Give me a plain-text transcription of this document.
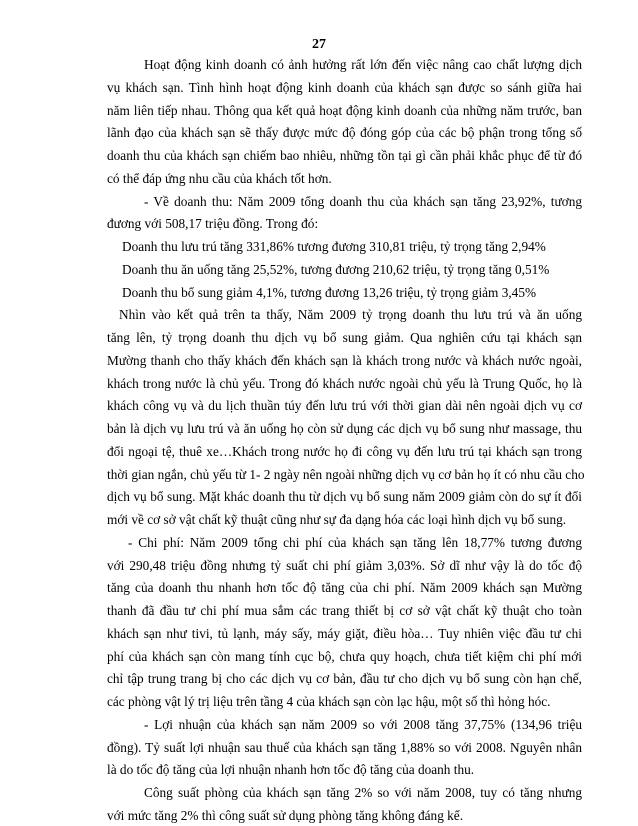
27
Hoạt động kinh doanh có ảnh hưởng rất lớn đến việc nâng cao chất lượng dịch
vụ khách sạn. Tình hình hoạt động kinh doanh của khách sạn được so sánh giữa hai
năm liên tiếp nhau. Thông qua kết quả hoạt động kinh doanh của những năm trước, ban
lãnh đạo của khách sạn sẽ thấy được mức độ đóng góp của các bộ phận trong tổng số
doanh thu của khách sạn chiếm bao nhiêu, những tồn tại gì cần phải khắc phục để từ đó
có thể đáp ứng nhu cầu của khách tốt hơn.
- Về doanh thu: Năm 2009 tổng doanh thu của khách sạn tăng 23,92%, tương
đương với 508,17 triệu đồng. Trong đó:
Doanh thu lưu trú tăng 331,86% tương đương 310,81 triệu, tỷ trọng tăng 2,94%
Doanh thu ăn uống tăng 25,52%, tương đương 210,62 triệu, tỷ trọng tăng 0,51%
Doanh thu bổ sung giảm 4,1%, tương đương 13,26 triệu, tỷ trọng giảm 3,45%
Nhìn vào kết quả trên ta thấy, Năm 2009 tỷ trọng doanh thu lưu trú và ăn uống
tăng lên, tỷ trọng doanh thu dịch vụ bổ sung giảm. Qua nghiên cứu tại khách sạn
Mường thanh cho thấy khách đến khách sạn là khách trong nước và khách nước ngoài,
khách trong nước là chủ yếu. Trong đó khách nước ngoài chủ yếu là Trung Quốc, họ là
khách công vụ và du lịch thuần túy đến lưu trú với thời gian dài nên ngoài dịch vụ cơ
bản là dịch vụ lưu trú và ăn uống họ còn sử dụng các dịch vụ bổ sung như massage, thu
đổi ngoại tệ, thuê xe…Khách trong nước họ đi công vụ đến lưu trú tại khách sạn trong
thời gian ngắn, chủ yếu từ 1- 2 ngày nên ngoài những dịch vụ cơ bản họ ít có nhu cầu cho
dịch vụ bổ sung. Mặt khác doanh thu từ dịch vụ bổ sung năm 2009 giảm còn do sự ít đổi
mới về cơ sở vật chất kỹ thuật cũng như sự đa dạng hóa các loại hình dịch vụ bổ sung.
- Chi phí: Năm 2009 tổng chi phí của khách sạn tăng lên 18,77% tương đương
với 290,48 triệu đồng nhưng tỷ suất chi phí giảm 3,03%. Sở dĩ như vậy là do tốc độ
tăng của doanh thu nhanh hơn tốc độ tăng của chi phí. Năm 2009 khách sạn Mường
thanh đã đầu tư chi phí mua sắm các trang thiết bị cơ sở vật chất kỹ thuật cho toàn
khách sạn như tivi, tủ lạnh, máy sấy, máy giặt, điều hòa… Tuy nhiên việc đầu tư chi
phí của khách sạn còn mang tính cục bộ, chưa quy hoạch, chưa tiết kiệm chi phí mới
chỉ tập trung trang bị cho các dịch vụ cơ bản, đầu tư cho dịch vụ bổ sung còn hạn chế,
các phòng vật lý trị liệu trên tầng 4 của khách sạn còn lạc hậu, một số thì hỏng hóc.
- Lợi nhuận của khách sạn năm 2009 so với 2008 tăng 37,75% (134,96 triệu
đồng). Tỷ suất lợi nhuận sau thuế của khách sạn tăng 1,88% so với 2008. Nguyên nhân
là do tốc độ tăng của lợi nhuận nhanh hơn tốc độ tăng của doanh thu.
Công suất phòng của khách sạn tăng 2% so với năm 2008, tuy có tăng nhưng
với mức tăng 2% thì công suất sử dụng phòng tăng không đáng kể.
